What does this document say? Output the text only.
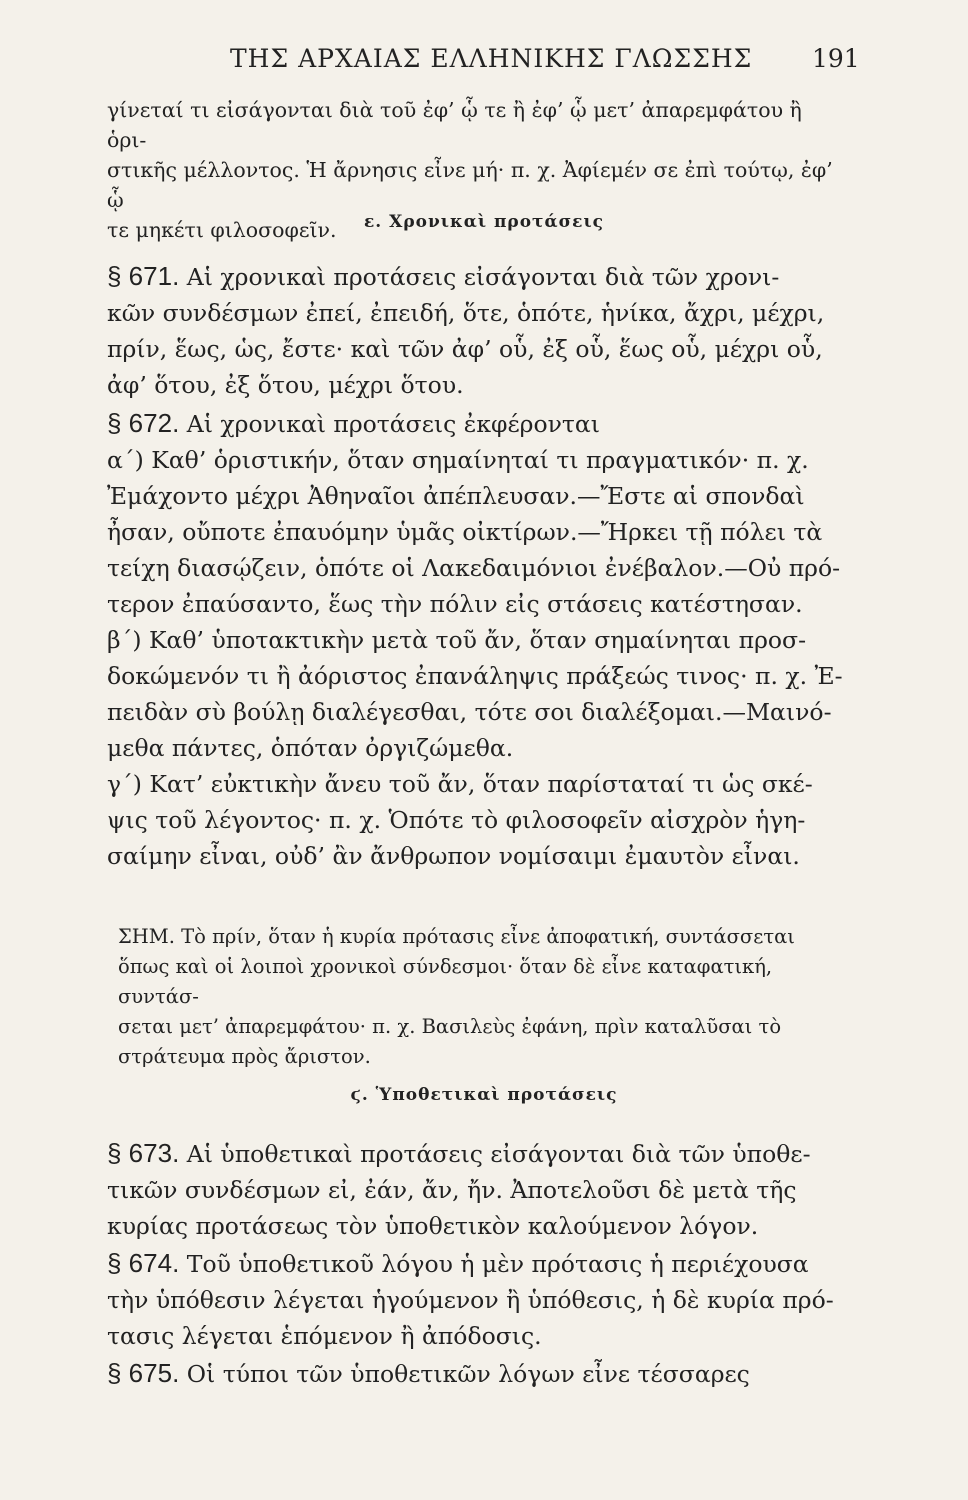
ΤΗΣ ΑΡΧΑΙΑΣ ΕΛΛΗΝΙΚΗΣ ΓΛΩΣΣΗΣ 191
γίνεταί τι εἰσάγονται διὰ τοῦ ἐφ’ ᾧ τε ἢ ἐφ’ ᾧ μετ’ ἀπαρεμφάτου ἢ ὁρι-
στικῆς μέλλοντος. Ἡ ἄρνησις εἶνε μή· π. χ. Ἀφίεμέν σε ἐπὶ τούτῳ, ἐφ’ ᾧ
τε μηκέτι φιλοσοφεῖν.	ε. Χρονικαὶ προτάσεις
§ 671. Αἱ χρονικαὶ προτάσεις εἰσάγονται διὰ τῶν χρονι-
κῶν συνδέσμων ἐπεί, ἐπειδή, ὅτε, ὁπότε, ἡνίκα, ἄχρι, μέχρι,
πρίν, ἕως, ὡς, ἔστε· καὶ τῶν ἀφ’ οὗ, ἐξ οὗ, ἕως οὗ, μέχρι οὗ,
ἀφ’ ὅτου, ἐξ ὅτου, μέχρι ὅτου.
§ 672. Αἱ χρονικαὶ προτάσεις ἐκφέρονται
α΄) Καθ’ ὁριστικήν, ὅταν σημαίνηταί τι πραγματικόν· π. χ.
Ἐμάχοντο μέχρι Ἀθηναῖοι ἀπέπλευσαν.—Ἔστε αἱ σπονδαὶ
ἦσαν, οὔποτε ἐπαυόμην ὑμᾶς οἰκτίρων.—Ἤρκει τῇ πόλει τὰ
τείχη διασῴζειν, ὁπότε οἱ Λακεδαιμόνιοι ἐνέβαλον.—Οὐ πρό-
τερον ἐπαύσαντο, ἕως τὴν πόλιν εἰς στάσεις κατέστησαν.
β΄) Καθ’ ὑποτακτικὴν μετὰ τοῦ ἄν, ὅταν σημαίνηται προσ-
δοκώμενόν τι ἢ ἀόριστος ἐπανάληψις πράξεώς τινος· π. χ. Ἐ-
πειδὰν σὺ βούλῃ διαλέγεσθαι, τότε σοι διαλέξομαι.—Μαινό-
μεθα πάντες, ὁπόταν ὀργιζώμεθα.
γ΄) Κατ’ εὐκτικὴν ἄνευ τοῦ ἄν, ὅταν παρίσταταί τι ὡς σκέ-
ψις τοῦ λέγοντος· π. χ. Ὁπότε τὸ φιλοσοφεῖν αἰσχρὸν ἡγη-
σαίμην εἶναι, οὐδ’ ἂν ἄνθρωπον νομίσαιμι ἐμαυτὸν εἶναι.
ΣΗΜ. Τὸ πρίν, ὅταν ἡ κυρία πρότασις εἶνε ἀποφατική, συντάσσεται
ὅπως καὶ οἱ λοιποὶ χρονικοὶ σύνδεσμοι· ὅταν δὲ εἶνε καταφατική, συντάσ-
σεται μετ’ ἀπαρεμφάτου· π. χ. Βασιλεὺς ἐφάνη, πρὶν καταλῦσαι τὸ
στράτευμα πρὸς ἄριστον.
ϛ. Ὑποθετικαὶ προτάσεις
§ 673. Αἱ ὑποθετικαὶ προτάσεις εἰσάγονται διὰ τῶν ὑποθε-
τικῶν συνδέσμων εἰ, ἐάν, ἄν, ἤν. Ἀποτελοῦσι δὲ μετὰ τῆς
κυρίας προτάσεως τὸν ὑποθετικὸν καλούμενον λόγον.
§ 674. Τοῦ ὑποθετικοῦ λόγου ἡ μὲν πρότασις ἡ περιέχουσα
τὴν ὑπόθεσιν λέγεται ἡγούμενον ἢ ὑπόθεσις, ἡ δὲ κυρία πρό-
τασις λέγεται ἑπόμενον ἢ ἀπόδοσις.
§ 675. Οἱ τύποι τῶν ὑποθετικῶν λόγων εἶνε τέσσαρες
